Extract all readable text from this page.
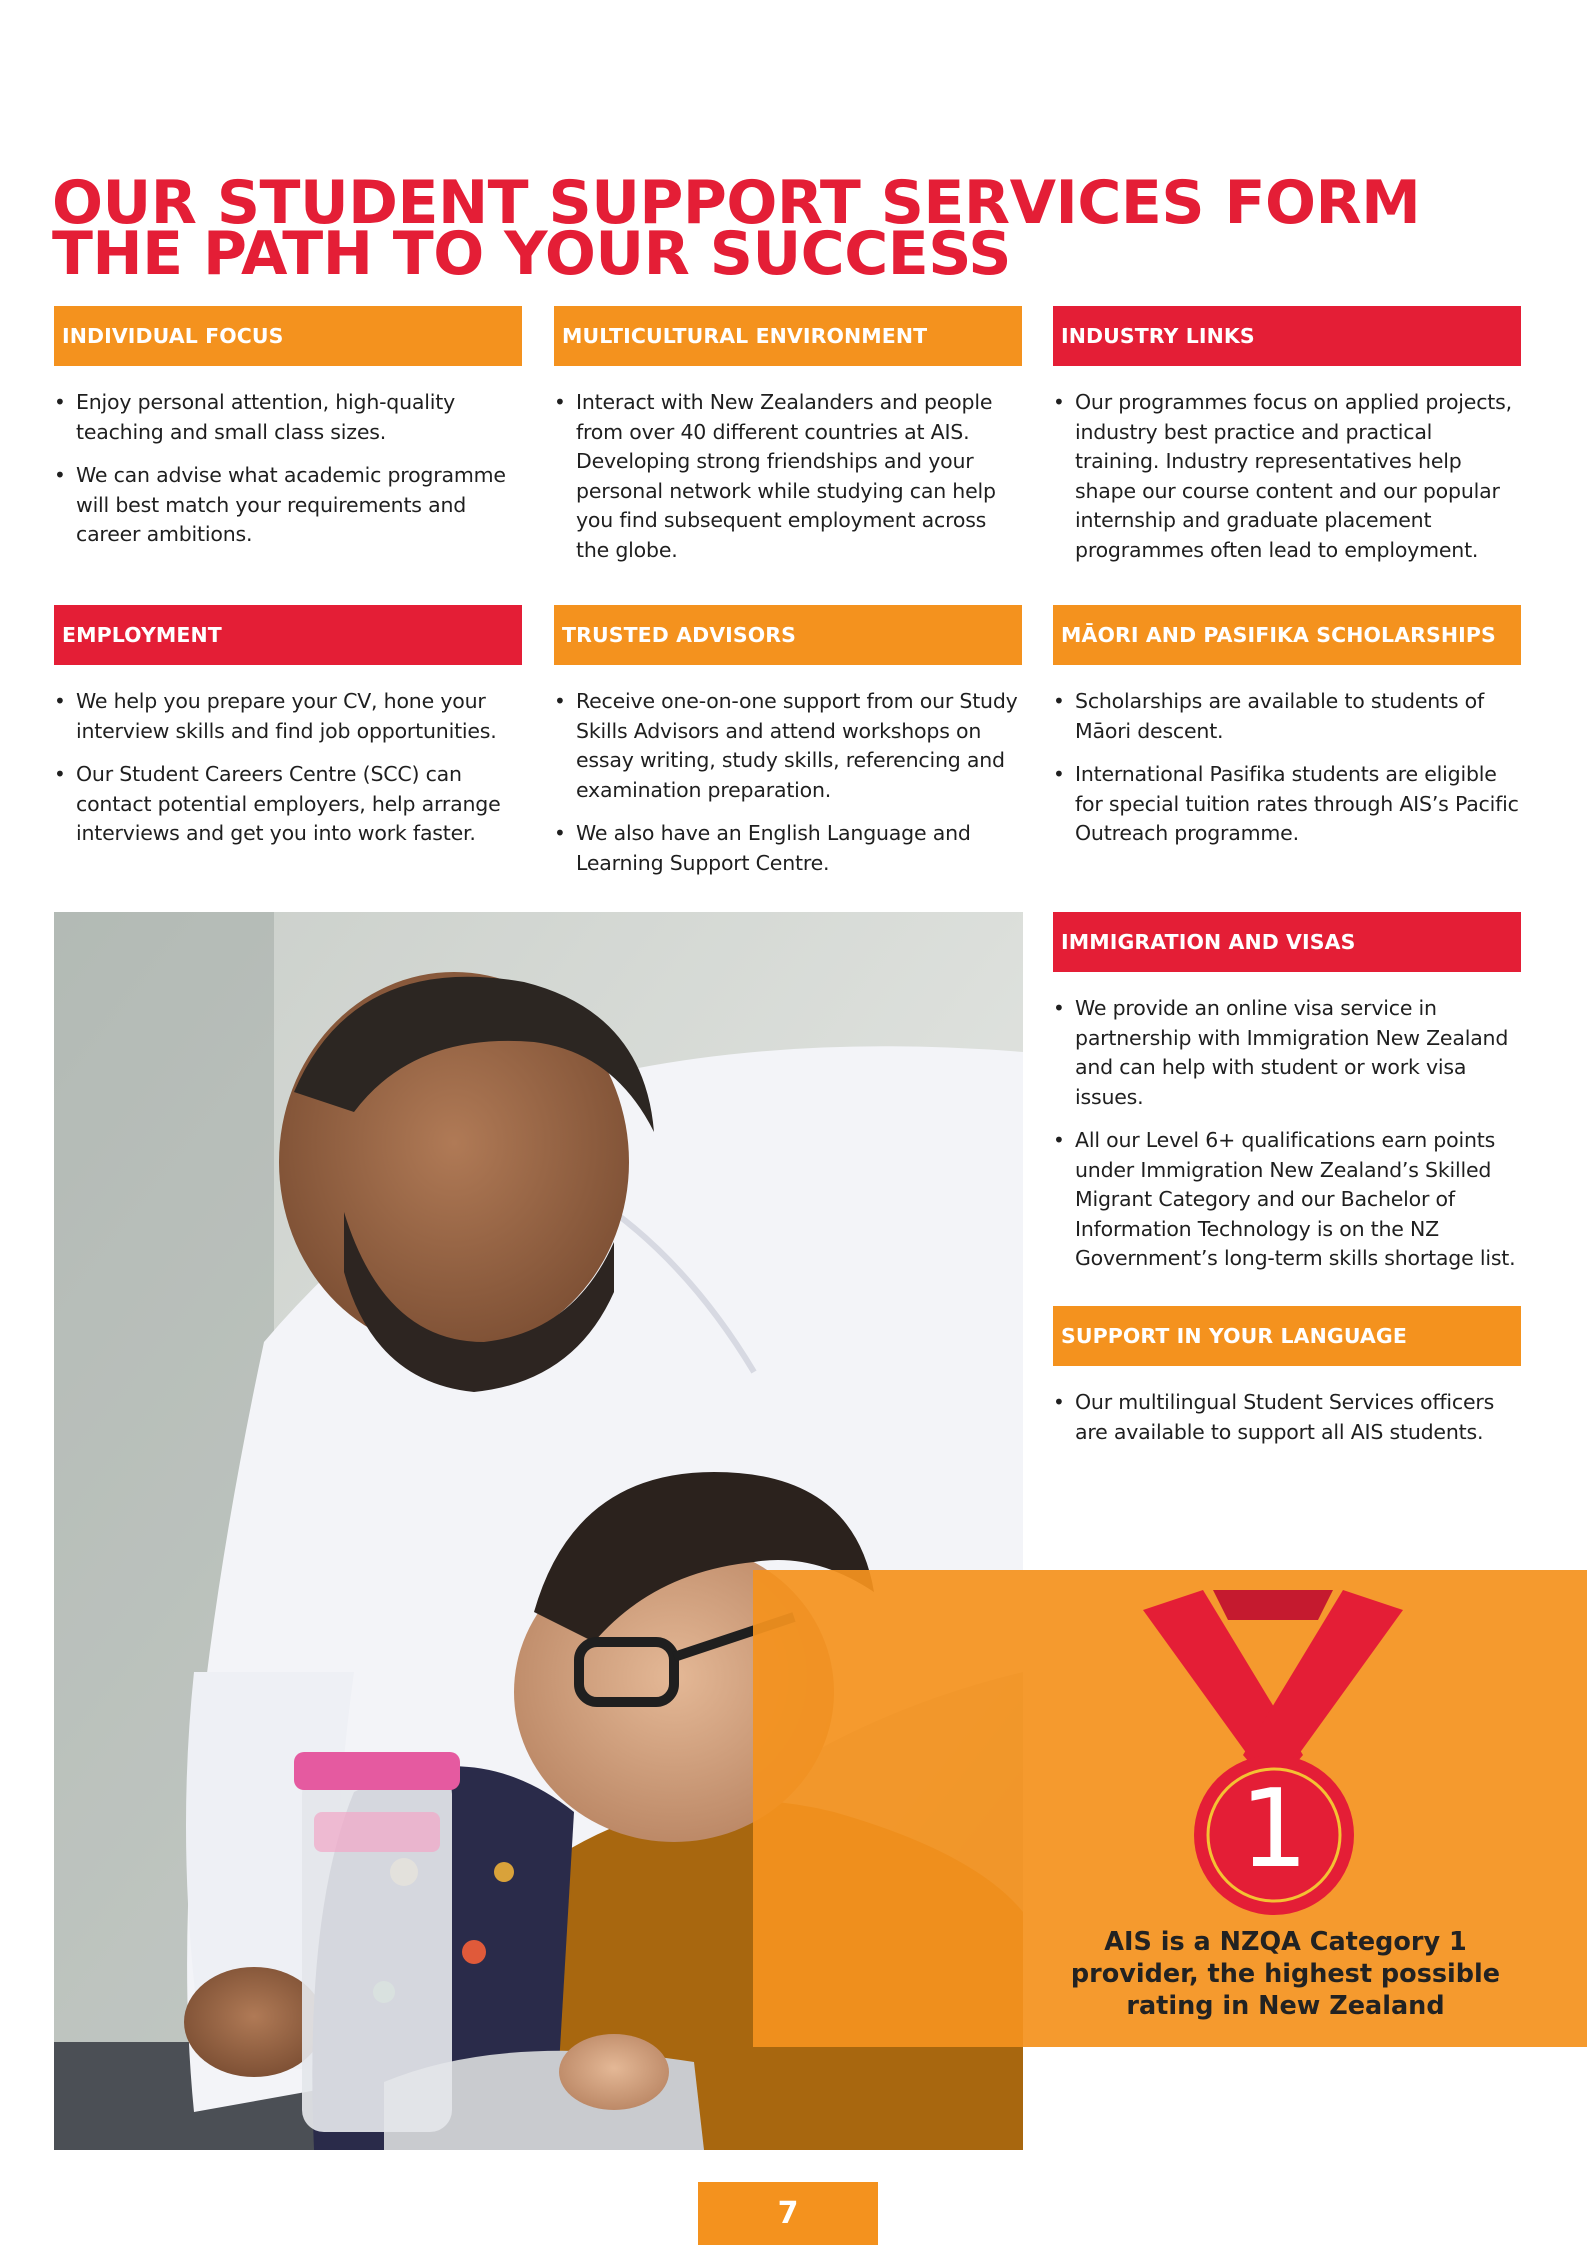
OUR STUDENT SUPPORT SERVICES FORM THE PATH TO YOUR SUCCESS
INDIVIDUAL FOCUS
• Enjoy personal attention, high-quality teaching and small class sizes.
• We can advise what academic programme will best match your requirements and career ambitions.
MULTICULTURAL ENVIRONMENT
• Interact with New Zealanders and people from over 40 different countries at AIS. Developing strong friendships and your personal network while studying can help you find subsequent employment across the globe.
INDUSTRY LINKS
• Our programmes focus on applied projects, industry best practice and practical training. Industry representatives help shape our course content and our popular internship and graduate placement programmes often lead to employment.
EMPLOYMENT
• We help you prepare your CV, hone your interview skills and find job opportunities.
• Our Student Careers Centre (SCC) can contact potential employers, help arrange interviews and get you into work faster.
TRUSTED ADVISORS
• Receive one-on-one support from our Study Skills Advisors and attend workshops on essay writing, study skills, referencing and examination preparation.
• We also have an English Language and Learning Support Centre.
MĀORI AND PASIFIKA SCHOLARSHIPS
• Scholarships are available to students of Māori descent.
• International Pasifika students are eligible for special tuition rates through AIS’s Pacific Outreach programme.
IMMIGRATION AND VISAS
• We provide an online visa service in partnership with Immigration New Zealand and can help with student or work visa issues.
• All our Level 6+ qualifications earn points under Immigration New Zealand’s Skilled Migrant Category and our Bachelor of Information Technology is on the NZ Government’s long-term skills shortage list.
SUPPORT IN YOUR LANGUAGE
• Our multilingual Student Services officers are available to support all AIS students.
1
AIS is a NZQA Category 1 provider, the highest possible rating in New Zealand
7
